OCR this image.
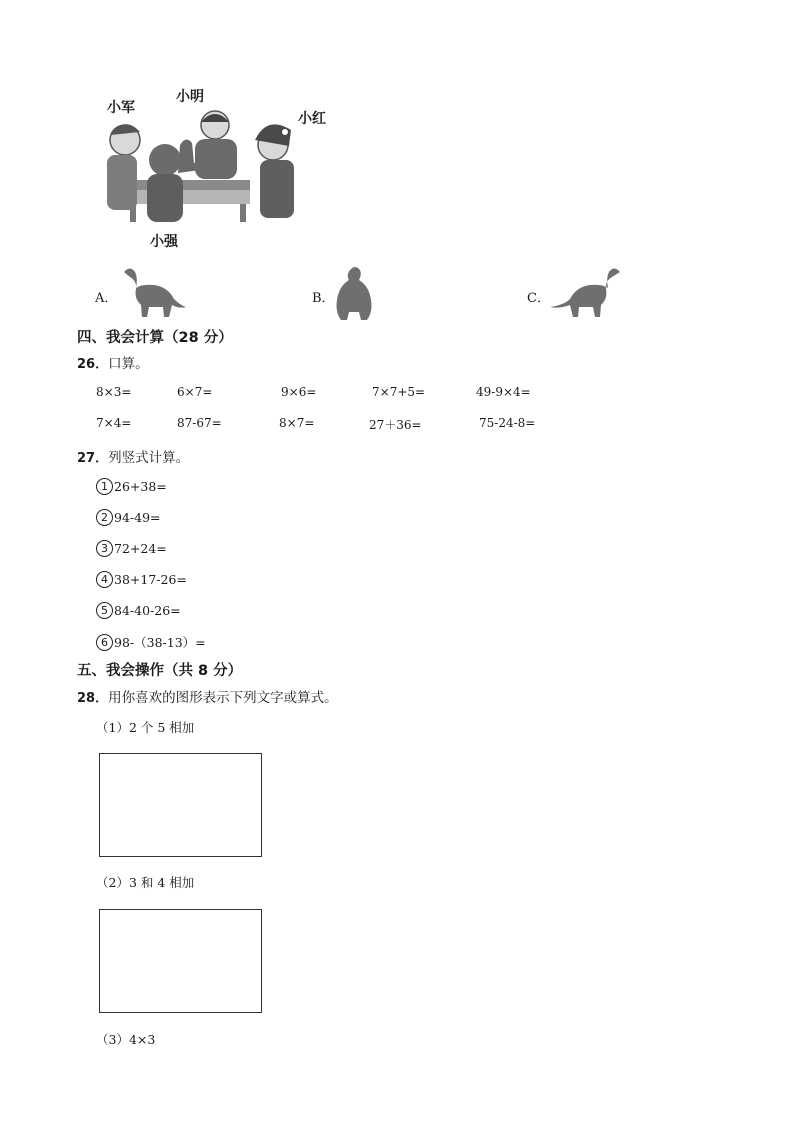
小军
小明
小红
小强
A．	B．	C．
四、我会计算（28 分）
26．口算。
8×3=	6×7=	9×6=	7×7+5=	49-9×4=
7×4=	87-67=	8×7=	27＋36=	75-24-8=
27．列竖式计算。
1 26+38=
2 94-49=
3 72+24=
4 38+17-26=
5 84-40-26=
6 98-（38-13）=
五、我会操作（共 8 分）
28．用你喜欢的图形表示下列文字或算式。
（1）2 个 5 相加
（2）3 和 4 相加
（3）4×3
